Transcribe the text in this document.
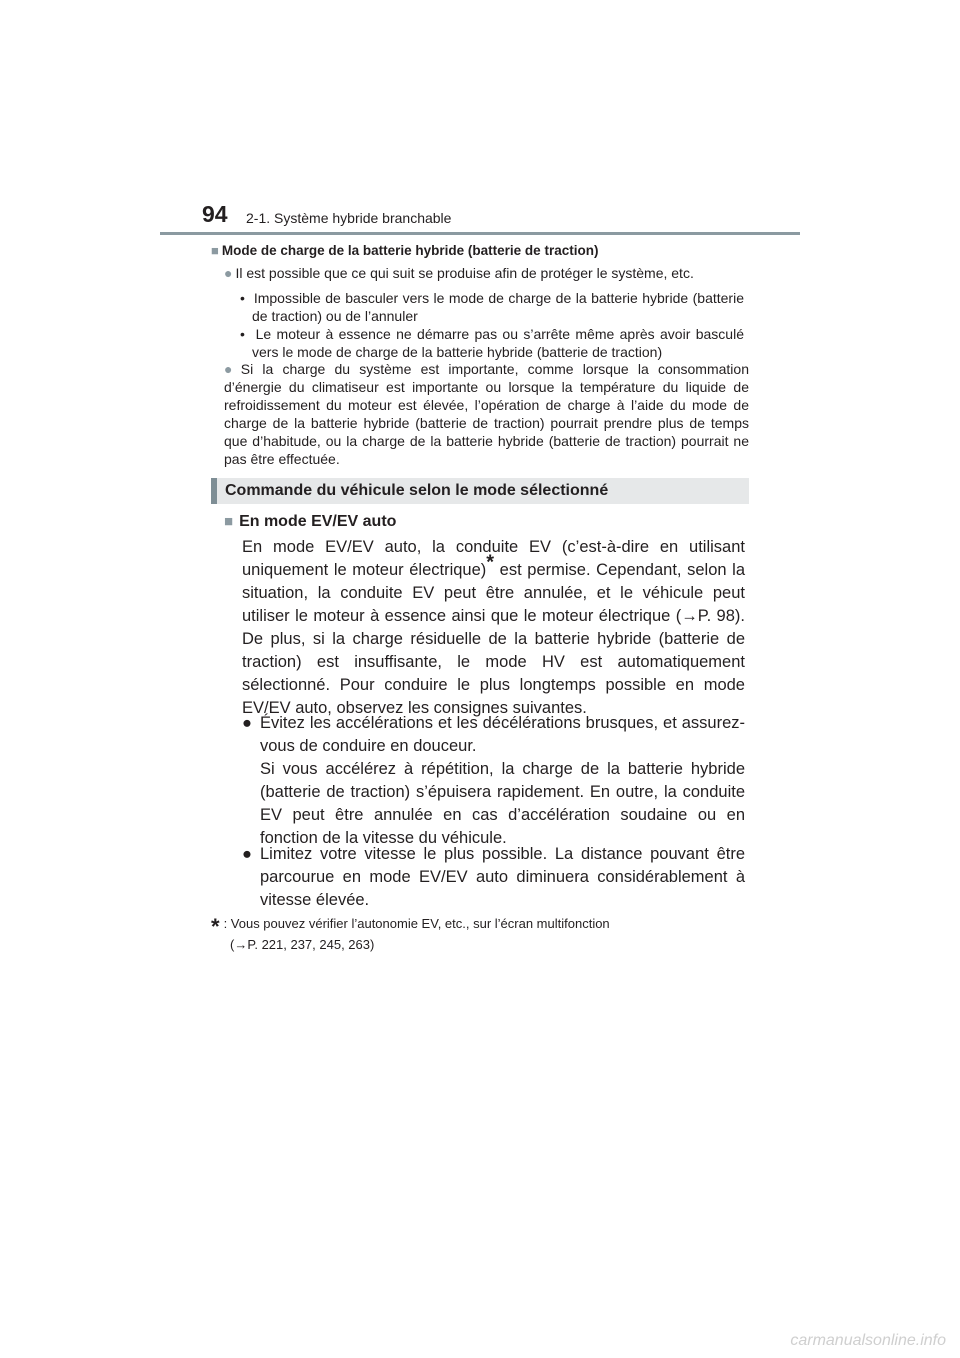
94 2-1. Système hybride branchable
■ Mode de charge de la batterie hybride (batterie de traction)
● Il est possible que ce qui suit se produise afin de protéger le système, etc.
•  Impossible de basculer vers le mode de charge de la batterie hybride (batterie de traction) ou de l’annuler
•  Le moteur à essence ne démarre pas ou s’arrête même après avoir basculé vers le mode de charge de la batterie hybride (batterie de traction)
● Si la charge du système est importante, comme lorsque la consommation d’énergie du climatiseur est importante ou lorsque la température du liquide de refroidissement du moteur est élevée, l’opération de charge à l’aide du mode de charge de la batterie hybride (batterie de traction) pourrait prendre plus de temps que d’habitude, ou la charge de la batterie hybride (batterie de traction) pourrait ne pas être effectuée.
Commande du véhicule selon le mode sélectionné
■ En mode EV/EV auto

En mode EV/EV auto, la conduite EV (c’est-à-dire en utilisant uniquement le moteur électrique)* est permise. Cependant, selon la situation, la conduite EV peut être annulée, et le véhicule peut utiliser le moteur à essence ainsi que le moteur électrique (→P. 98). De plus, si la charge résiduelle de la batterie hybride (batterie de traction) est insuffisante, le mode HV est automatiquement sélectionné. Pour conduire le plus longtemps possible en mode EV/EV auto, observez les consignes suivantes.

● Évitez les accélérations et les décélérations brusques, et assurez-vous de conduire en douceur.
Si vous accélérez à répétition, la charge de la batterie hybride (batterie de traction) s’épuisera rapidement. En outre, la conduite EV peut être annulée en cas d’accélération soudaine ou en fonction de la vitesse du véhicule.
● Limitez votre vitesse le plus possible. La distance pouvant être parcourue en mode EV/EV auto diminuera considérablement à vitesse élevée.
* : Vous pouvez vérifier l’autonomie EV, etc., sur l’écran multifonction
(→P. 221, 237, 245, 263)
carmanualsonline.info
